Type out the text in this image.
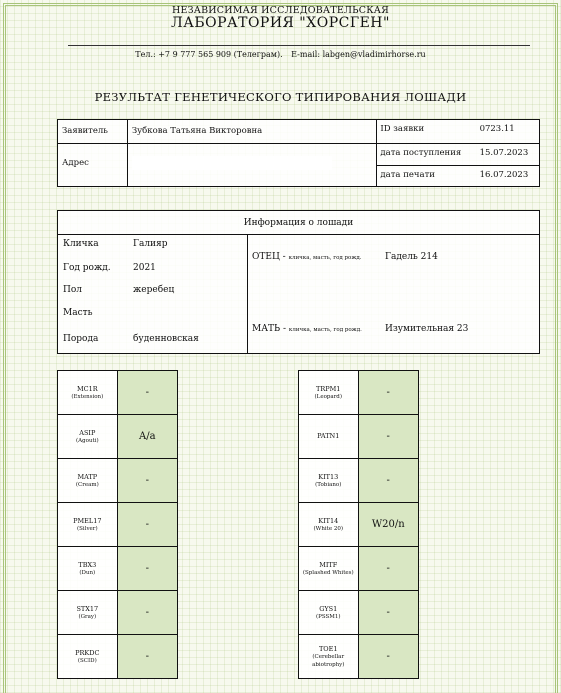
НЕЗАВИСИМАЯ ИССЛЕДОВАТЕЛЬСКАЯ
ЛАБОРАТОРИЯ "ХОРСГЕН"
Тел.: +7 9 777 565 909 (Телеграм). E-mail: labgen@vladimirhorse.ru
РЕЗУЛЬТАТ ГЕНЕТИЧЕСКОГО ТИПИРОВАНИЯ ЛОШАДИ
Заявитель	Зубкова Татьяна Викторовна	ID заявки	0723.11
Адрес		дата поступления	15.07.2023
		дата печати	16.07.2023
Информация о лошади
Кличка	Галияр
Год рожд.	2021
Пол	жеребец
Масть
Порода	буденновская
ОТЕЦ - кличка, масть, год рожд.	Гадель 214
МАТЬ - кличка, масть, год рожд.	Изумительная 23
MC1R
(Extension)	-

ASIP
(Agouti)	A/a

MATP
(Cream)	-

PMEL17
(Silver)	-

TBX3
(Dun)	-

STX17
(Gray)	-

PRKDC
(SCID)	-
TRPM1
(Leopard)	-

PATN1	-

KIT13
(Tobiano)	-

KIT14
(White 20)	W20/n

MITF
(Splashed Whites)	-

GYS1
(PSSM1)	-

TOE1
(Cerebellar abiotrophy)	-
